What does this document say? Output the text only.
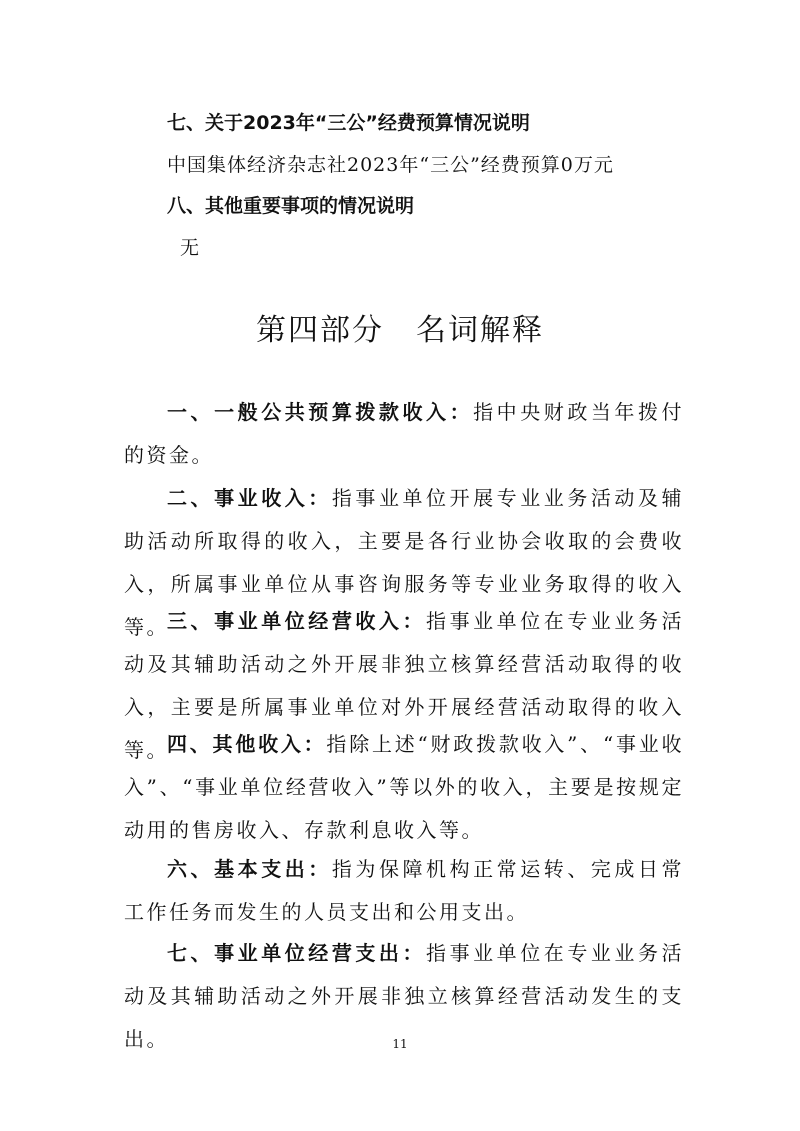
七、关于2023年“三公”经费预算情况说明
中国集体经济杂志社2023年“三公”经费预算0万元
八、其他重要事项的情况说明
无
第四部分　名词解释
一、一般公共预算拨款收入：指中央财政当年拨付的资金。
二、事业收入：指事业单位开展专业业务活动及辅助活动所取得的收入，主要是各行业协会收取的会费收入，所属事业单位从事咨询服务等专业业务取得的收入等。
三、事业单位经营收入：指事业单位在专业业务活动及其辅助活动之外开展非独立核算经营活动取得的收入，主要是所属事业单位对外开展经营活动取得的收入等。
四、其他收入：指除上述“财政拨款收入”、“事业收入”、“事业单位经营收入”等以外的收入，主要是按规定动用的售房收入、存款利息收入等。
六、基本支出：指为保障机构正常运转、完成日常工作任务而发生的人员支出和公用支出。
七、事业单位经营支出：指事业单位在专业业务活动及其辅助活动之外开展非独立核算经营活动发生的支出。	11
